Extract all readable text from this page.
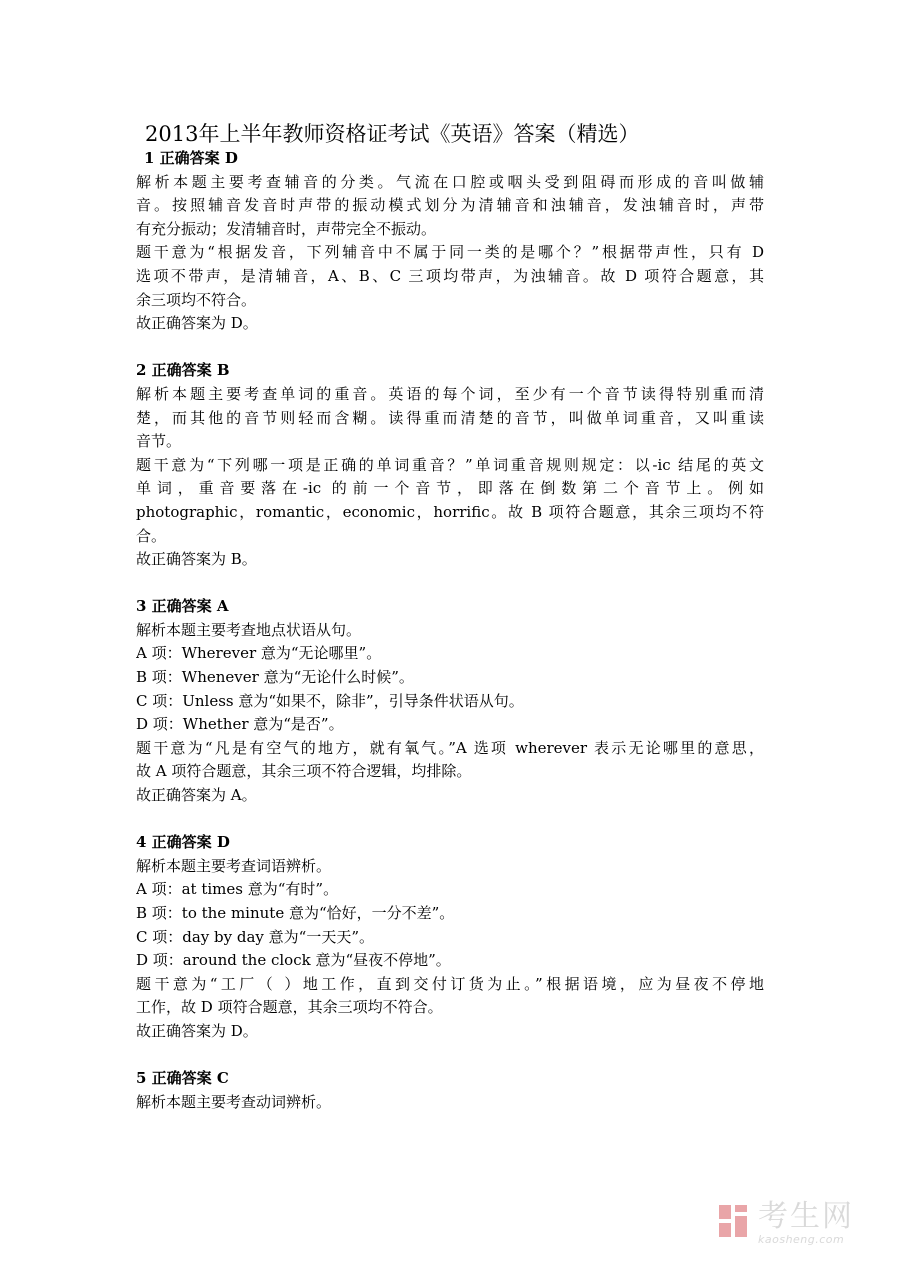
2013年上半年教师资格证考试《英语》答案（精选）
1 正确答案 D
解析本题主要考查辅音的分类。气流在口腔或咽头受到阻碍而形成的音叫做辅
音。按照辅音发音时声带的振动模式划分为清辅音和浊辅音，发浊辅音时，声带
有充分振动；发清辅音时，声带完全不振动。
题干意为“根据发音，下列辅音中不属于同一类的是哪个？”根据带声性，只有 D
选项不带声，是清辅音，A、B、C 三项均带声，为浊辅音。故 D 项符合题意，其
余三项均不符合。
故正确答案为 D。
2 正确答案 B
解析本题主要考查单词的重音。英语的每个词，至少有一个音节读得特别重而清
楚，而其他的音节则轻而含糊。读得重而清楚的音节，叫做单词重音，又叫重读
音节。
题干意为“下列哪一项是正确的单词重音？”单词重音规则规定：以-ic 结尾的英文
单词，重音要落在-ic 的前一个音节，即落在倒数第二个音节上。例如
photographic，romantic，economic，horrific。故 B 项符合题意，其余三项均不符
合。
故正确答案为 B。
3 正确答案 A
解析本题主要考查地点状语从句。
A 项：Wherever 意为“无论哪里”。
B 项：Whenever 意为“无论什么时候”。
C 项：Unless 意为“如果不，除非”，引导条件状语从句。
D 项：Whether 意为“是否”。
题干意为“凡是有空气的地方，就有氧气。”A 选项 wherever 表示无论哪里的意思，
故 A 项符合题意，其余三项不符合逻辑，均排除。
故正确答案为 A。
4 正确答案 D
解析本题主要考查词语辨析。
A 项：at times 意为“有时”。
B 项：to the minute 意为“恰好，一分不差”。
C 项：day by day 意为“一天天”。
D 项：around the clock 意为“昼夜不停地”。
题干意为“工厂（ ）地工作，直到交付订货为止。”根据语境，应为昼夜不停地
工作，故 D 项符合题意，其余三项均不符合。
故正确答案为 D。
5 正确答案 C
解析本题主要考查动词辨析。
考生网
kaosheng.com
